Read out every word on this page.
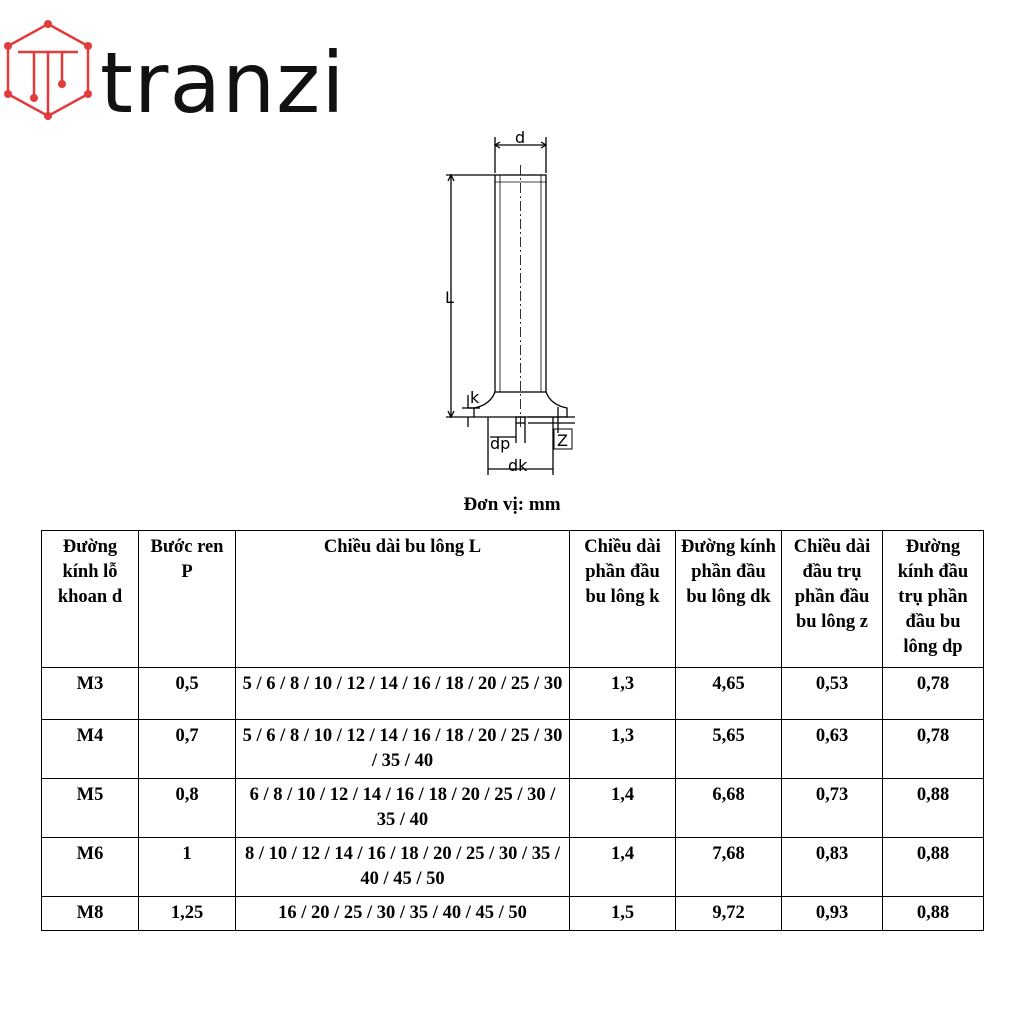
tranzi
d
L
k
dp
dk
Z
Đơn vị: mm
Đường kính lỗ khoan d	Bước ren P	Chiều dài bu lông L	Chiều dài phần đầu bu lông k	Đường kính phần đầu bu lông dk	Chiều dài đầu trụ phần đầu bu lông z	Đường kính đầu trụ phần đầu bu lông dp
M3	0,5	5 / 6 / 8 / 10 / 12 / 14 / 16 / 18 / 20 / 25 / 30	1,3	4,65	0,53	0,78
M4	0,7	5 / 6 / 8 / 10 / 12 / 14 / 16 / 18 / 20 / 25 / 30 / 35 / 40	1,3	5,65	0,63	0,78
M5	0,8	6 / 8 / 10 / 12 / 14 / 16 / 18 / 20 / 25 / 30 / 35 / 40	1,4	6,68	0,73	0,88
M6	1	8 / 10 / 12 / 14 / 16 / 18 / 20 / 25 / 30 / 35 / 40 / 45 / 50	1,4	7,68	0,83	0,88
M8	1,25	16 / 20 / 25 / 30 / 35 / 40 / 45 / 50	1,5	9,72	0,93	0,88
